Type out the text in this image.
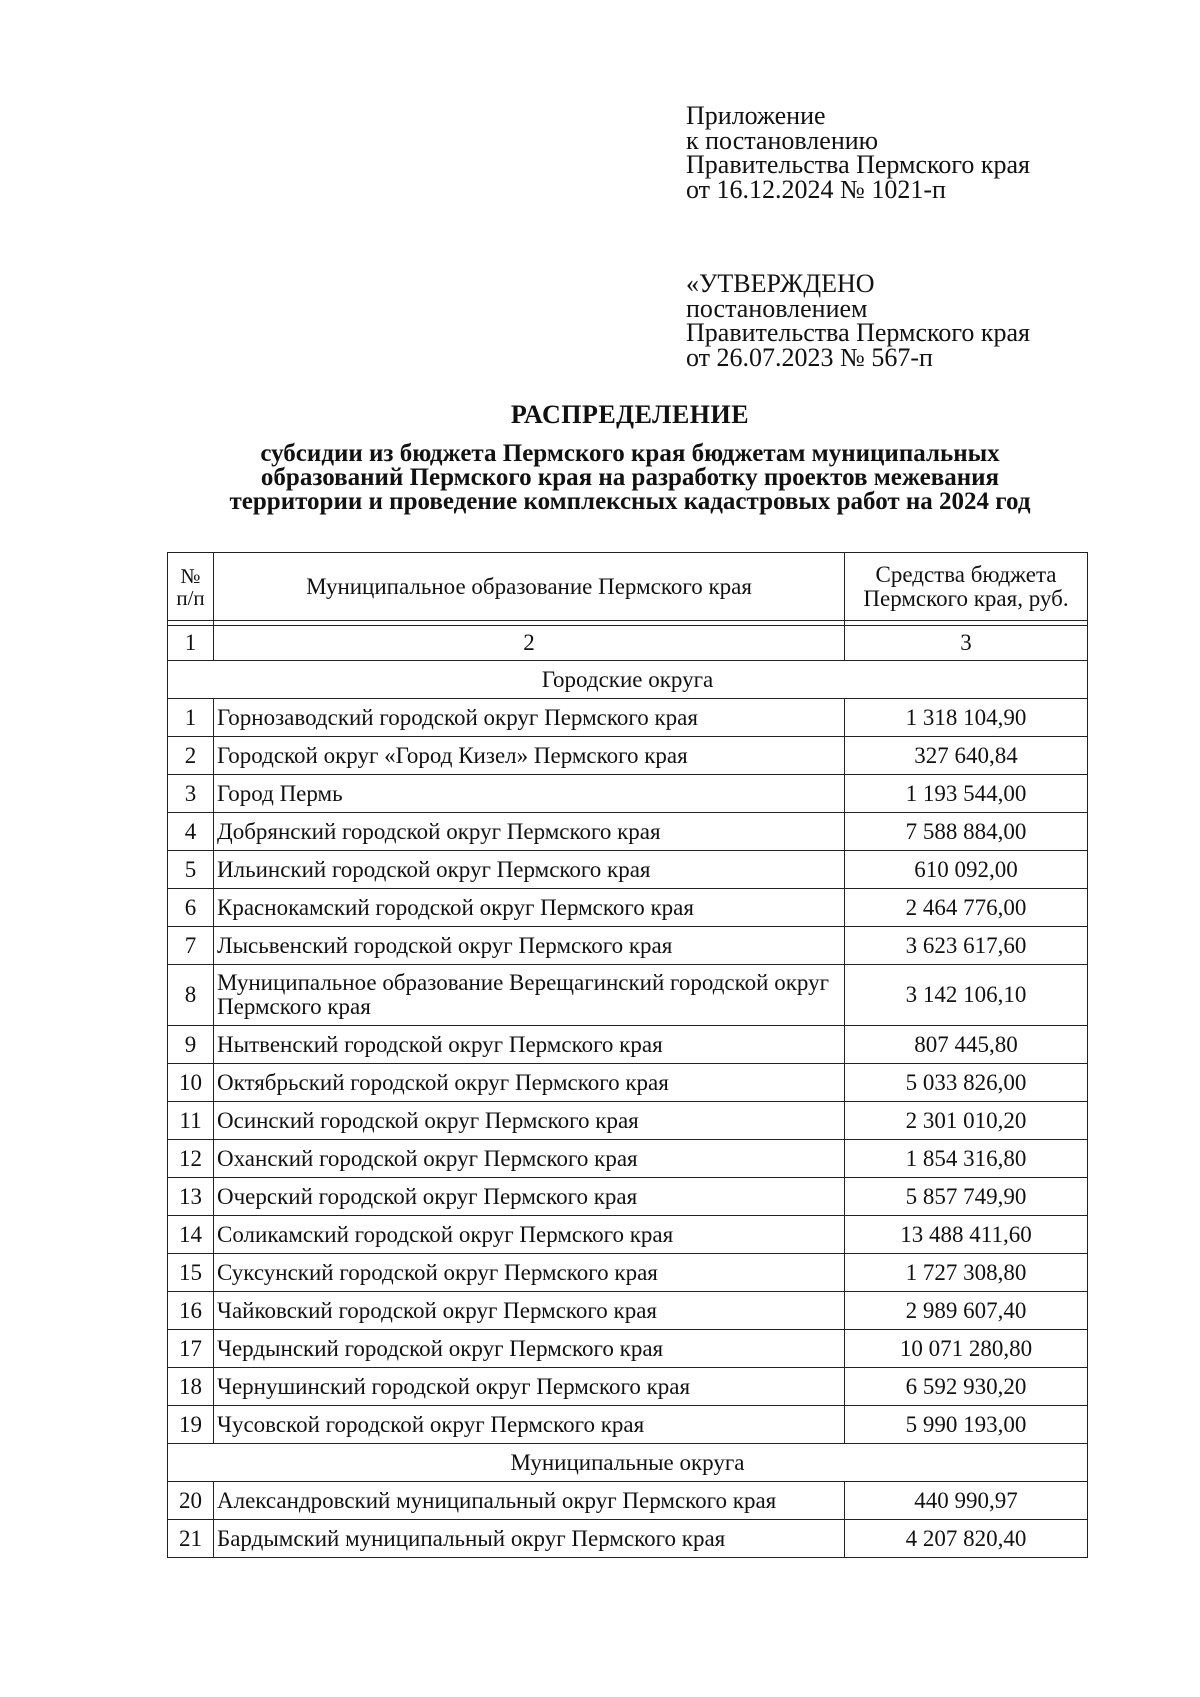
Приложение
к постановлению
Правительства Пермского края
от 16.12.2024 № 1021-п
«УТВЕРЖДЕНО
постановлением
Правительства Пермского края
от 26.07.2023 № 567-п
РАСПРЕДЕЛЕНИЕ
субсидии из бюджета Пермского края бюджетам муниципальных
образований Пермского края на разработку проектов межевания
территории и проведение комплексных кадастровых работ на 2024 год
№ п/п	Муниципальное образование Пермского края	Средства бюджета Пермского края, руб.

1	2	3
Городские округа		
1	Горнозаводский городской округ Пермского края	1 318 104,90
2	Городской округ «Город Кизел» Пермского края	327 640,84
3	Город Пермь	1 193 544,00
4	Добрянский городской округ Пермского края	7 588 884,00
5	Ильинский городской округ Пермского края	610 092,00
6	Краснокамский городской округ Пермского края	2 464 776,00
7	Лысьвенский городской округ Пермского края	3 623 617,60
8	Муниципальное образование Верещагинский городской округ Пермского края	3 142 106,10
9	Нытвенский городской округ Пермского края	807 445,80
10	Октябрьский городской округ Пермского края	5 033 826,00
11	Осинский городской округ Пермского края	2 301 010,20
12	Оханский городской округ Пермского края	1 854 316,80
13	Очерский городской округ Пермского края	5 857 749,90
14	Соликамский городской округ Пермского края	13 488 411,60
15	Суксунский городской округ Пермского края	1 727 308,80
16	Чайковский городской округ Пермского края	2 989 607,40
17	Чердынский городской округ Пермского края	10 071 280,80
18	Чернушинский городской округ Пермского края	6 592 930,20
19	Чусовской городской округ Пермского края	5 990 193,00
Муниципальные округа		
20	Александровский муниципальный округ Пермского края	440 990,97
21	Бардымский муниципальный округ Пермского края	4 207 820,40
